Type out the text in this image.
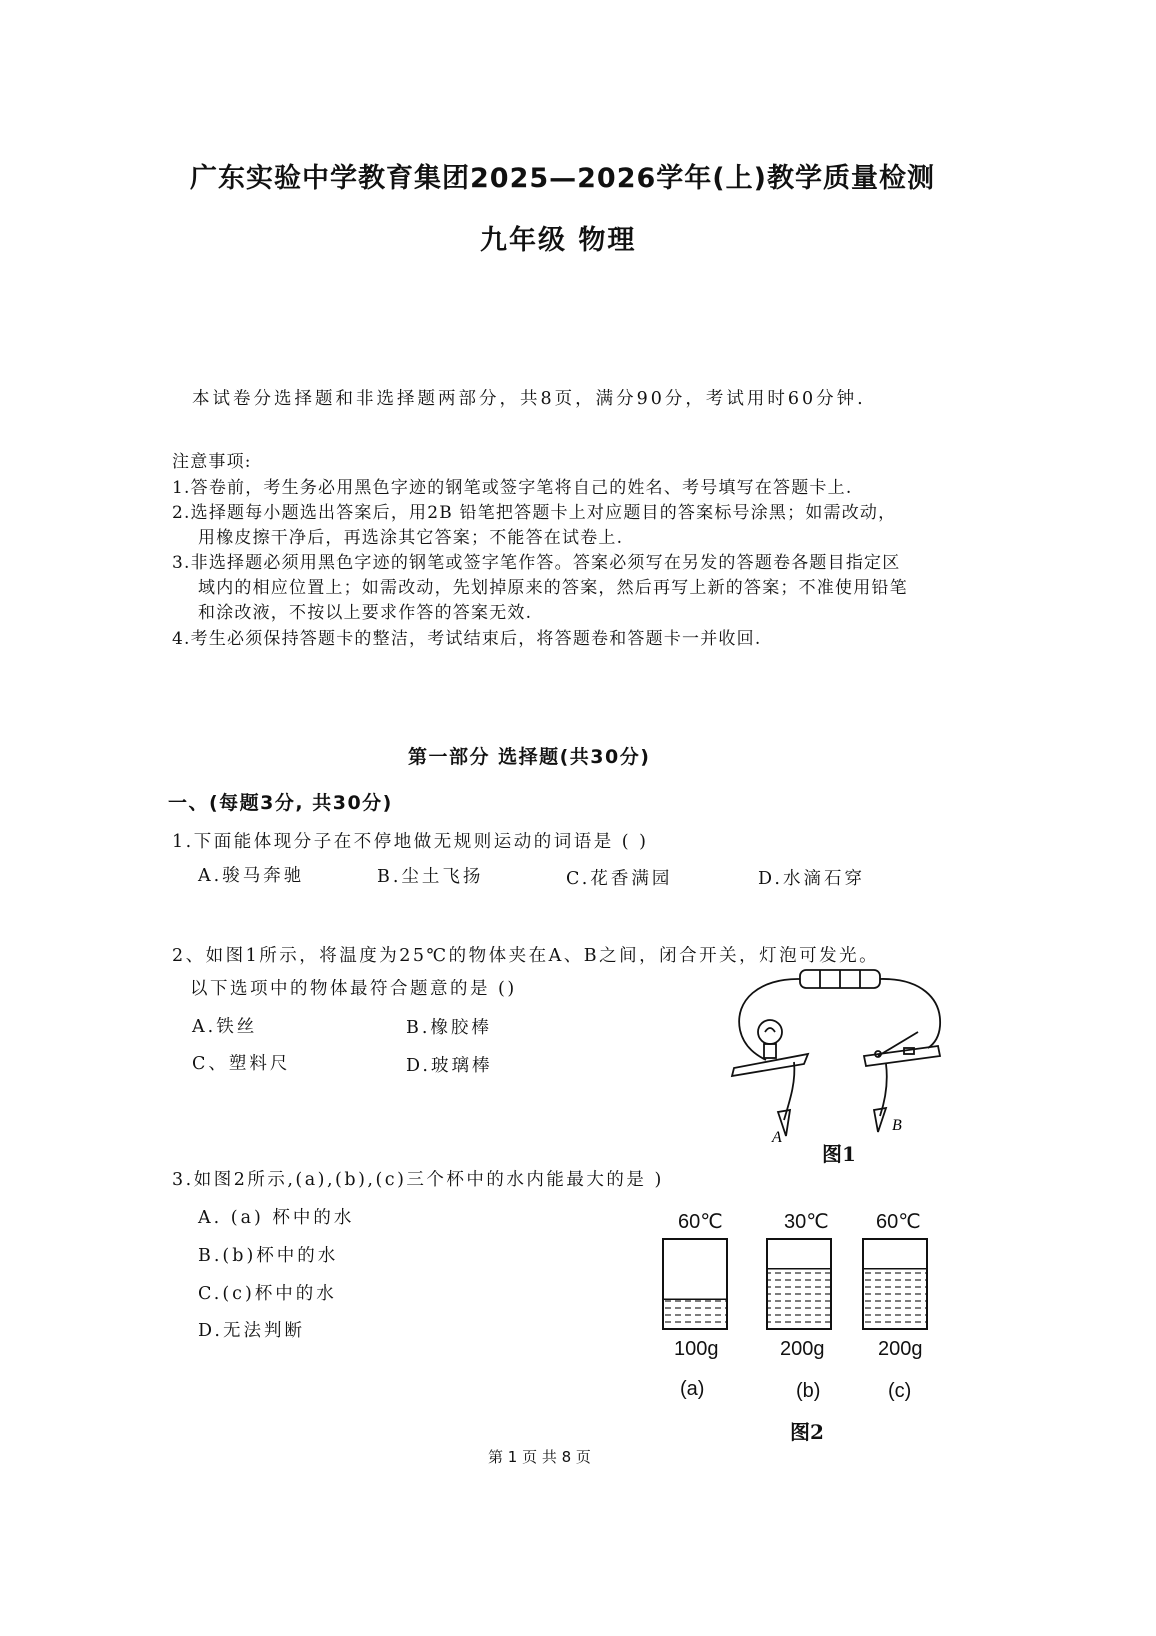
广东实验中学教育集团2025—2026学年(上)教学质量检测
九年级 物理
本试卷分选择题和非选择题两部分，共8页，满分90分，考试用时60分钟.
注意事项:
1.答卷前，考生务必用黑色字迹的钢笔或签字笔将自己的姓名、考号填写在答题卡上.
2.选择题每小题选出答案后，用2B 铅笔把答题卡上对应题目的答案标号涂黑；如需改动，
用橡皮擦干净后，再选涂其它答案；不能答在试卷上.
3.非选择题必须用黑色字迹的钢笔或签字笔作答。答案必须写在另发的答题卷各题目指定区
域内的相应位置上；如需改动，先划掉原来的答案，然后再写上新的答案；不准使用铅笔
和涂改液，不按以上要求作答的答案无效.
4.考生必须保持答题卡的整洁，考试结束后，将答题卷和答题卡一并收回.
第一部分 选择题(共30分)
一、(每题3分, 共30分)
1.下面能体现分子在不停地做无规则运动的词语是 ( )
A.骏马奔驰	B.尘土飞扬	C.花香满园	D.水滴石穿
2、如图1所示，将温度为25℃的物体夹在A、B之间，闭合开关，灯泡可发光。
以下选项中的物体最符合题意的是 ()
A.铁丝	B.橡胶棒
C、塑料尺	D.玻璃棒
A
B
图1
3.如图2所示,(a),(b),(c)三个杯中的水内能最大的是 )
A. (a) 杯中的水
B.(b)杯中的水
C.(c)杯中的水
D.无法判断
60℃	30℃ 60℃
100g	200g	200g
(a)	(b)	(c)
图2
第 1 页 共 8 页
